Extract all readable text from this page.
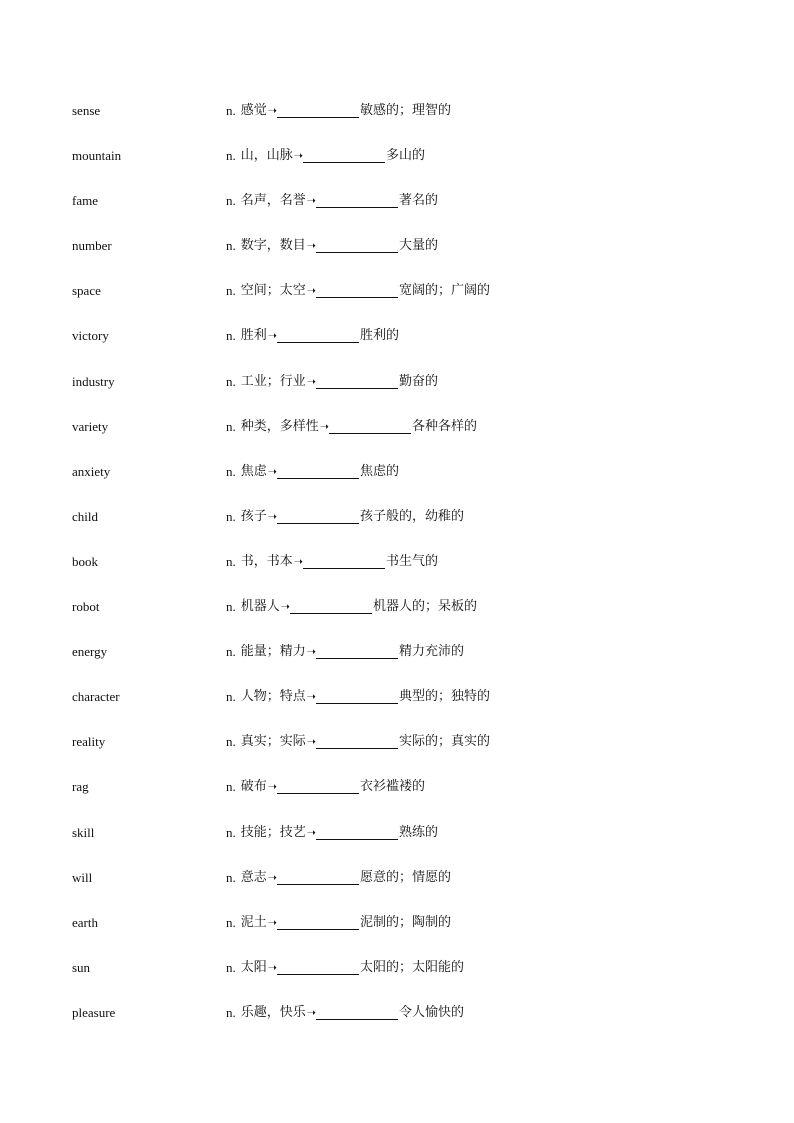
sense	n. 感觉 ➝	敏感的；理智的
mountain	n. 山，山脉 ➝	多山的
fame	n. 名声，名誉 ➝	著名的
number	n. 数字，数目 ➝	大量的
space	n. 空间；太空 ➝	宽阔的；广阔的
victory	n. 胜利 ➝	胜利的
industry	n. 工业；行业 ➝	勤奋的
variety	n. 种类，多样性 ➝	各种各样的
anxiety	n. 焦虑 ➝	焦虑的
child	n. 孩子 ➝	孩子般的，幼稚的
book	n. 书，书本 ➝	书生气的
robot	n. 机器人 ➝	机器人的；呆板的
energy	n. 能量；精力 ➝	精力充沛的
character	n. 人物；特点 ➝	典型的；独特的
reality	n. 真实；实际 ➝	实际的；真实的
rag	n. 破布 ➝	衣衫褴褛的
skill	n. 技能；技艺 ➝	熟练的
will	n. 意志 ➝	愿意的；情愿的
earth	n. 泥土 ➝	泥制的；陶制的
sun	n. 太阳 ➝	太阳的；太阳能的
pleasure	n. 乐趣，快乐 ➝	令人愉快的
